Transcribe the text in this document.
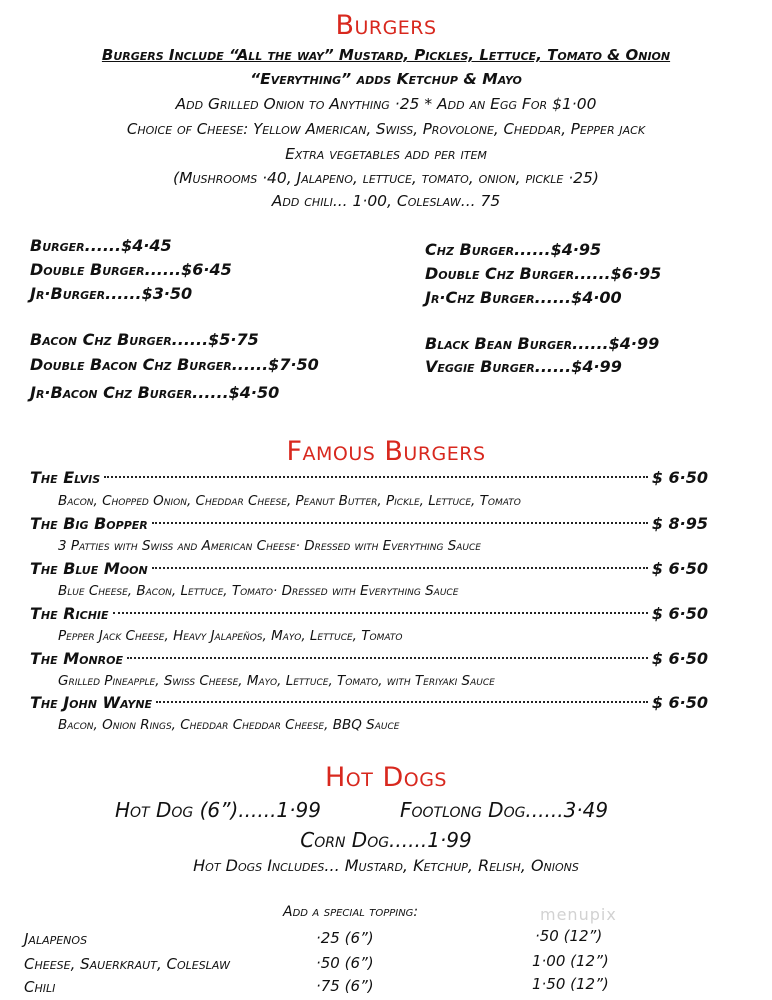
Burgers
Burgers Include “All the way” Mustard, Pickles, Lettuce, Tomato & Onion
“Everything” adds Ketchup & Mayo
Add Grilled Onion to Anything ·25 * Add an Egg For $1·00
Choice of Cheese: Yellow American, Swiss, Provolone, Cheddar, Pepper jack
Extra vegetables add per item
(Mushrooms ·40, Jalapeno, lettuce, tomato, onion, pickle ·25)
Add chili... 1·00, Coleslaw... 75
Burger......$4·45
Double Burger......$6·45
Jr·Burger......$3·50
Chz Burger......$4·95
Double Chz Burger......$6·95
Jr·Chz Burger......$4·00
Bacon Chz Burger......$5·75
Double Bacon Chz Burger......$7·50
Jr·Bacon Chz Burger......$4·50
Black Bean Burger......$4·99
Veggie Burger......$4·99
Famous Burgers
The Elvis	$ 6·50
Bacon, Chopped Onion, Cheddar Cheese, Peanut Butter, Pickle, Lettuce, Tomato
The Big Bopper	$ 8·95
3 Patties with Swiss and American Cheese· Dressed with Everything Sauce
The Blue Moon	$ 6·50
Blue Cheese, Bacon, Lettuce, Tomato· Dressed with Everything Sauce
The Richie	$ 6·50
Pepper Jack Cheese, Heavy Jalapeños, Mayo, Lettuce, Tomato
The Monroe	$ 6·50
Grilled Pineapple, Swiss Cheese, Mayo, Lettuce, Tomato, with Teriyaki Sauce
The John Wayne	$ 6·50
Bacon, Onion Rings, Cheddar Cheddar Cheese, BBQ Sauce
Hot Dogs
Hot Dog (6”)......1·99	Footlong Dog......3·49
Corn Dog......1·99
Hot Dogs Includes... Mustard, Ketchup, Relish, Onions
Add a special topping:
Jalapenos	·25 (6”)	·50 (12”)
Cheese, Sauerkraut, Coleslaw	·50 (6”)	1·00 (12”)
Chili	·75 (6”)	1·50 (12”)
menupix
